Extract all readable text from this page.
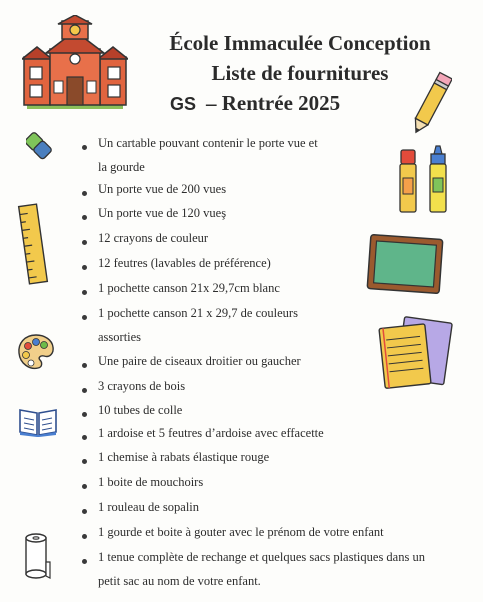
École Immaculée Conception
Liste de fournitures
GS – Rentrée 2025
Un cartable pouvant contenir le porte vue et
la gourde
Un porte vue de 200 vues
Un porte vue de 120 vueş
12 crayons de couleur
12 feutres (lavables de préférence)
1 pochette canson 21x 29,7cm blanc
1 pochette canson 21 x 29,7 de couleurs
assorties
Une paire de ciseaux droitier ou gaucher
3 crayons de bois
10 tubes de colle
1 ardoise et 5 feutres d’ardoise avec effacette
1 chemise à rabats élastique rouge
1 boite de mouchoirs
1 rouleau de sopalin
1 gourde et boite à gouter avec le prénom de votre enfant
1 tenue complète de rechange et quelques sacs plastiques dans un
petit sac au nom de votre enfant.
